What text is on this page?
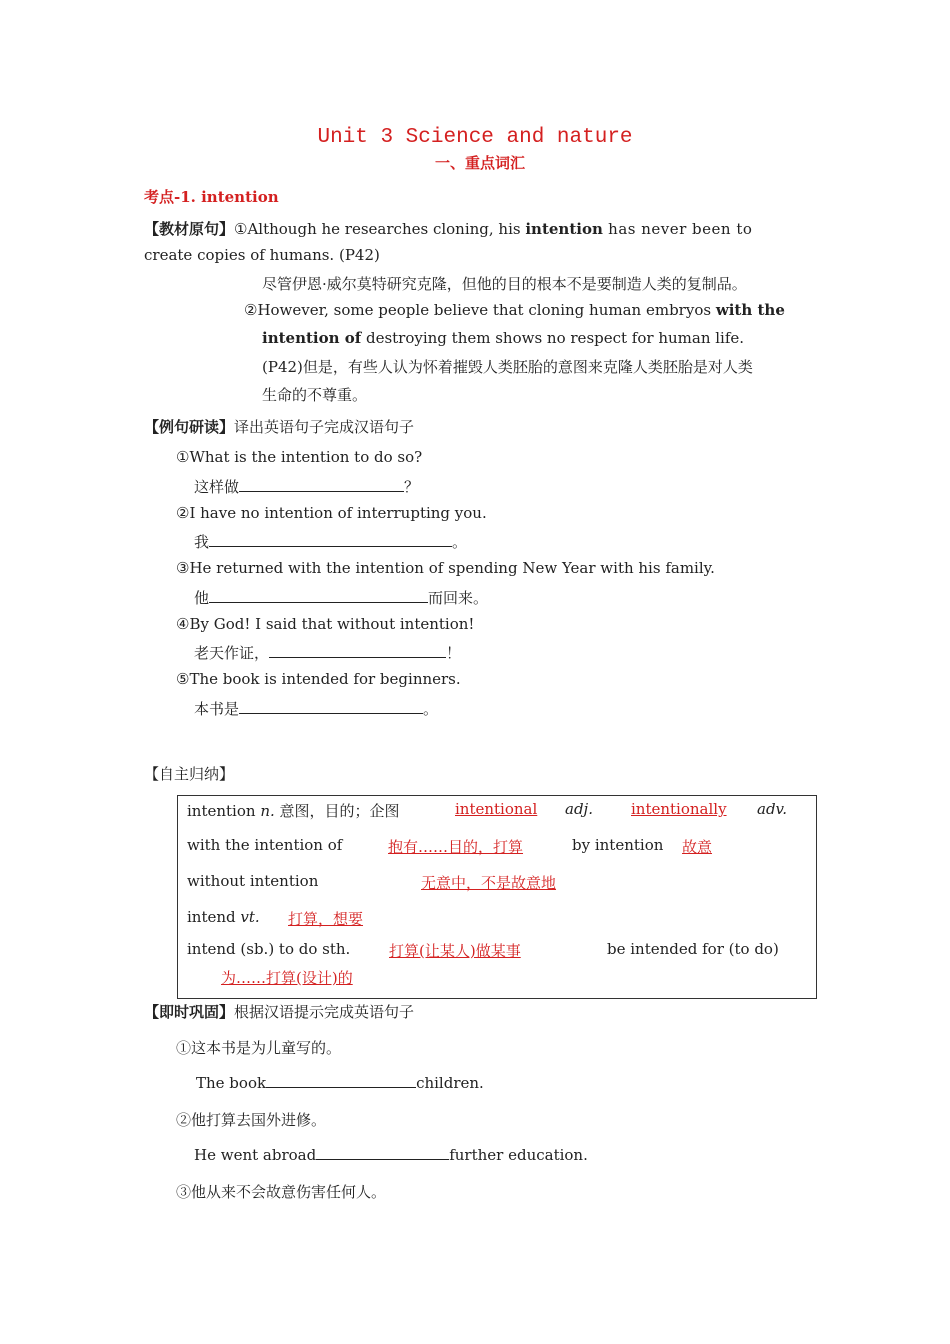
Unit 3 Science and nature
一、重点词汇
考点-1. intention
【教材原句】①Although he researches cloning, his intention has never been to
create copies of humans. (P42)
尽管伊恩·威尔莫特研究克隆，但他的目的根本不是要制造人类的复制品。
②However, some people believe that cloning human embryos with the
intention of destroying them shows no respect for human life.
(P42)但是，有些人认为怀着摧毁人类胚胎的意图来克隆人类胚胎是对人类
生命的不尊重。
【例句研读】译出英语句子完成汉语句子
①What is the intention to do so?
这样做	？
②I have no intention of interrupting you.
我	。
③He returned with the intention of spending New Year with his family.
他	而回来。
④By God! I said that without intention!
老天作证，	！
⑤The book is intended for beginners.
本书是	。
【自主归纳】
intention n. 意图，目的；企图	intentional adj.	intentionally adv.
with the intention of	抱有……目的，打算	by intention 故意
without intention	无意中，不是故意地
intend vt. 打算，想要
intend (sb.) to do sth.	打算(让某人)做某事	be intended for (to do)
为……打算(设计)的
【即时巩固】根据汉语提示完成英语句子
①这本书是为儿童写的。
The book	children.
②他打算去国外进修。
He went abroad	further education.
③他从来不会故意伤害任何人。
